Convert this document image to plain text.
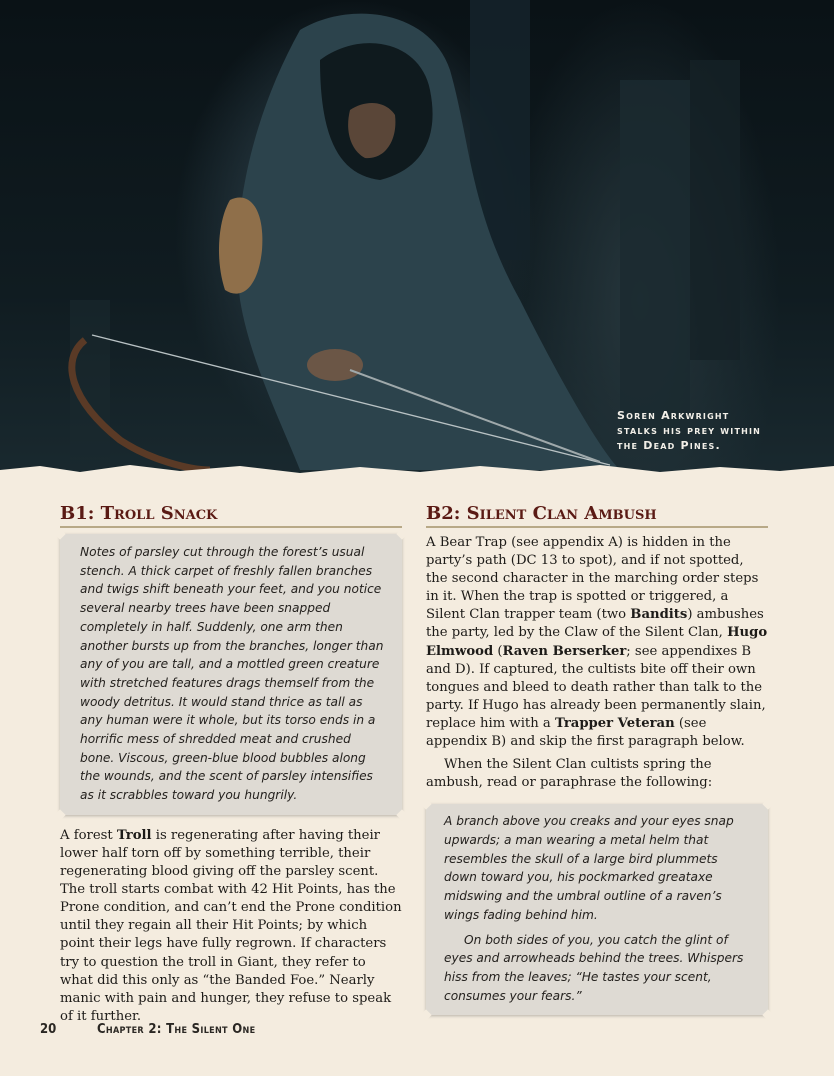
Soren Arkwright
stalks his prey within
the Dead Pines.
B1: Troll Snack

Notes of parsley cut through the forest’s usual stench. A thick carpet of freshly fallen branches and twigs shift beneath your feet, and you notice several nearby trees have been snapped completely in half. Suddenly, one arm then another bursts up from the branches, longer than any of you are tall, and a mottled green creature with stretched features drags themself from the woody detritus. It would stand thrice as tall as any human were it whole, but its torso ends in a horrific mess of shredded meat and crushed bone. Viscous, green-blue blood bubbles along the wounds, and the scent of parsley intensifies as it scrabbles toward you hungrily.

A forest Troll is regenerating after having their lower half torn off by something terrible, their regenerating blood giving off the parsley scent. The troll starts combat with 42 Hit Points, has the Prone condition, and can’t end the Prone condition until they regain all their Hit Points; by which point their legs have fully regrown. If characters try to question the troll in Giant, they refer to what did this only as “the Banded Foe.” Nearly manic with pain and hunger, they refuse to speak of it further.

B2: Silent Clan Ambush

A Bear Trap (see appendix A) is hidden in the party’s path (DC 13 to spot), and if not spotted, the second character in the marching order steps in it. When the trap is spotted or triggered, a Silent Clan trapper team (two Bandits) ambushes the party, led by the Claw of the Silent Clan, Hugo Elmwood (Raven Berserker; see appendixes B and D). If captured, the cultists bite off their own tongues and bleed to death rather than talk to the party. If Hugo has already been permanently slain, replace him with a Trapper Veteran (see appendix B) and skip the first paragraph below.

When the Silent Clan cultists spring the ambush, read or paraphrase the following:

A branch above you creaks and your eyes snap upwards; a man wearing a metal helm that resembles the skull of a large bird plummets down toward you, his pockmarked greataxe midswing and the umbral outline of a raven’s wings fading behind him.

On both sides of you, you catch the glint of eyes and arrowheads behind the trees. Whispers hiss from the leaves; “He tastes your scent, consumes your fears.”

20	Chapter 2: The Silent One
